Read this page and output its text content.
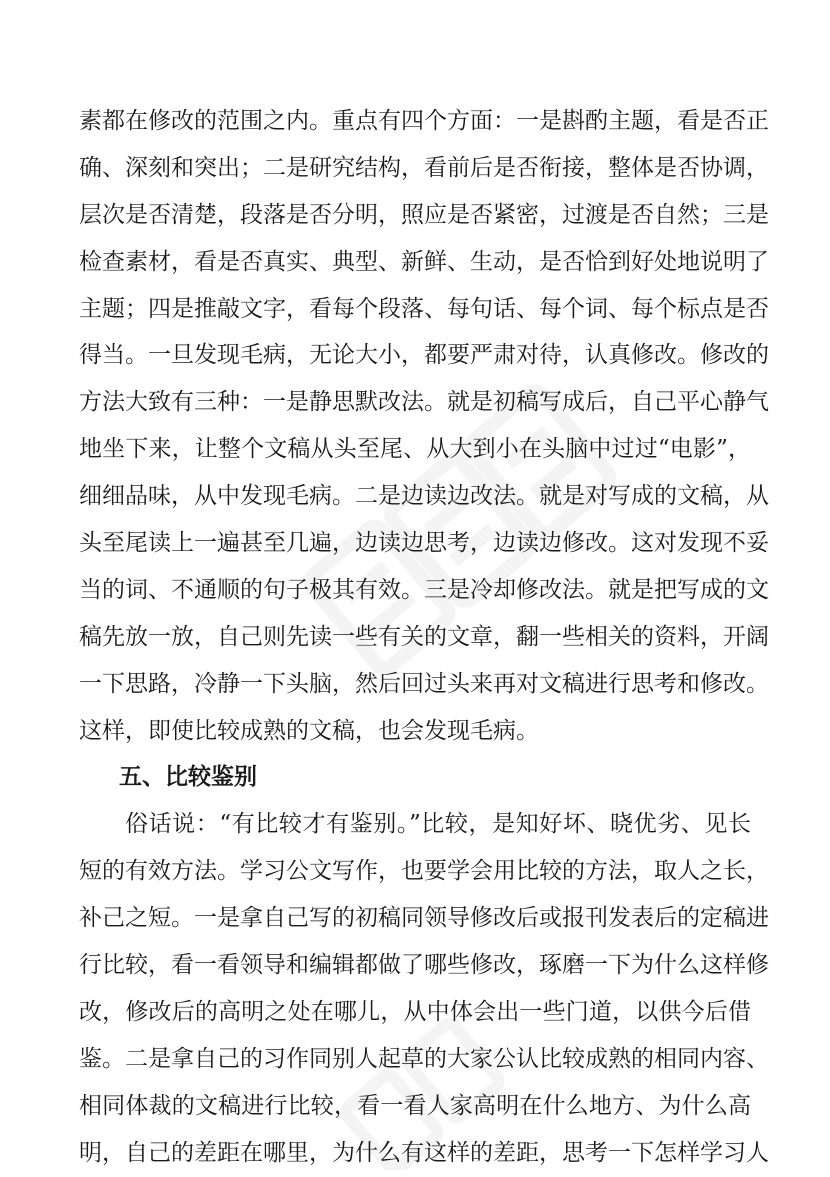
素都在修改的范围之内。重点有四个方面：一是斟酌主题，看是否正
确、深刻和突出；二是研究结构，看前后是否衔接，整体是否协调，
层次是否清楚，段落是否分明，照应是否紧密，过渡是否自然；三是
检查素材，看是否真实、典型、新鲜、生动，是否恰到好处地说明了
主题；四是推敲文字，看每个段落、每句话、每个词、每个标点是否
得当。一旦发现毛病，无论大小，都要严肃对待，认真修改。修改的
方法大致有三种：一是静思默改法。就是初稿写成后，自己平心静气
地坐下来，让整个文稿从头至尾、从大到小在头脑中过过“电影”，
细细品味，从中发现毛病。二是边读边改法。就是对写成的文稿，从
头至尾读上一遍甚至几遍，边读边思考，边读边修改。这对发现不妥
当的词、不通顺的句子极其有效。三是冷却修改法。就是把写成的文
稿先放一放，自己则先读一些有关的文章，翻一些相关的资料，开阔
一下思路，冷静一下头脑，然后回过头来再对文稿进行思考和修改。
这样，即使比较成熟的文稿，也会发现毛病。
五、比较鉴别
俗话说：“有比较才有鉴别。”比较，是知好坏、晓优劣、见长
短的有效方法。学习公文写作，也要学会用比较的方法，取人之长，
补己之短。一是拿自己写的初稿同领导修改后或报刊发表后的定稿进
行比较，看一看领导和编辑都做了哪些修改，琢磨一下为什么这样修
改，修改后的高明之处在哪儿，从中体会出一些门道，以供今后借
鉴。二是拿自己的习作同别人起草的大家公认比较成熟的相同内容、
相同体裁的文稿进行比较，看一看人家高明在什么地方、为什么高
明，自己的差距在哪里，为什么有这样的差距，思考一下怎样学习人
